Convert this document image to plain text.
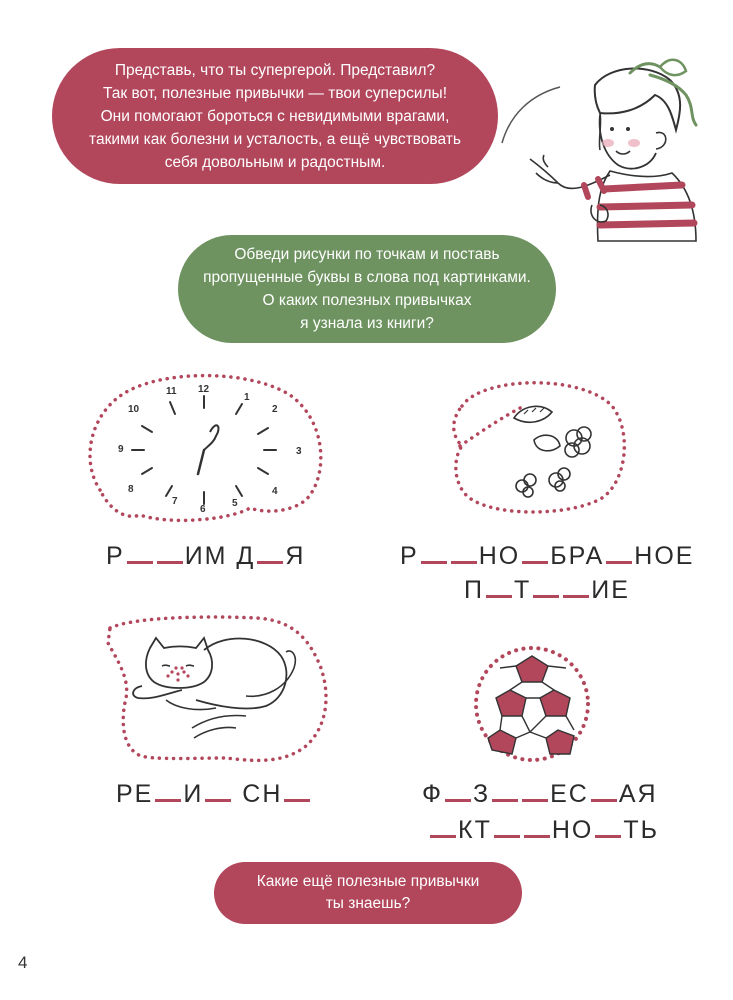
Представь, что ты супергерой. Представил?
Так вот, полезные привычки — твои суперсилы!
Они помогают бороться с невидимыми врагами,
такими как болезни и усталость, а ещё чувствовать
себя довольным и радостным.
Обведи рисунки по точкам и поставь
пропущенные буквы в слова под картинками.
О каких полезных привычках
я узнала из книги?
12
1
2
3
4
5
6
7
8
9
10
11
Р ИМ Д Я	Р НО БРА НОЕ
П Т ИЕ
РЕ И СН	Ф З ЕС АЯ
КТ НО ТЬ
Какие ещё полезные привычки
ты знаешь?
4
